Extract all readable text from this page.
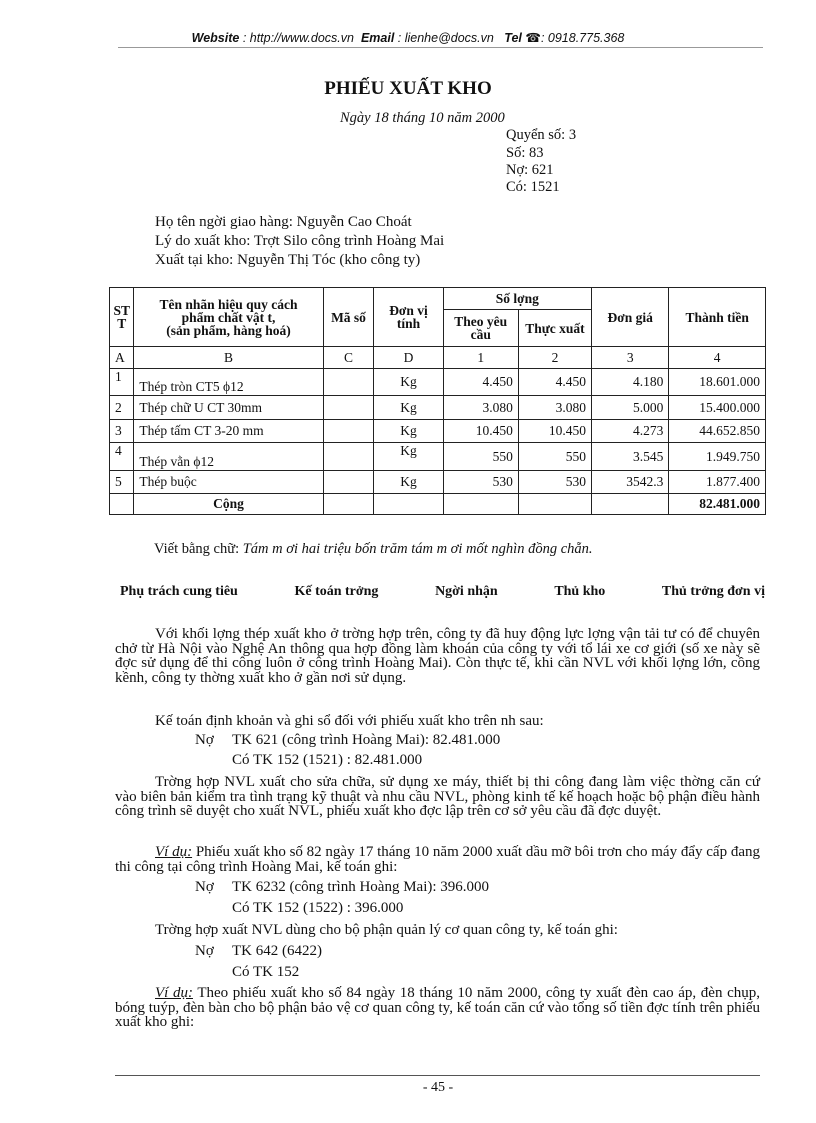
Website : http://www.docs.vn Email : lienhe@docs.vn Tel ☎: 0918.775.368
PHIẾU XUẤT KHO
Ngày 18 tháng 10 năm 2000
Quyển số: 3
Số: 83
Nợ: 621
Có: 1521
Họ tên ngời giao hàng: Nguyễn Cao Choát
Lý do xuất kho: Trợt Silo công trình Hoàng Mai
Xuất tại kho: Nguyễn Thị Tóc (kho công ty)
STT	Tên nhãn hiệu quy cách
phẩm chất vật t,
(sản phẩm, hàng hoá)	Mã số	Đơn vị tính	Số lợng		Đơn giá	Thành tiền
				Theo yêu cầu	Thực xuất		
A	B	C	D	1	2	3	4
1	Thép tròn CT5 ϕ12		Kg	4.450	4.450	4.180	18.601.000
2	Thép chữ U CT 30mm		Kg	3.080	3.080	5.000	15.400.000
3	Thép tấm CT 3-20 mm		Kg	10.450	10.450	4.273	44.652.850
4	Thép vằn ϕ12		Kg	550	550	3.545	1.949.750
5	Thép buộc		Kg	530	530	3542.3	1.877.400
	Cộng						82.481.000
Viết bằng chữ: Tám m ơi hai triệu bốn trăm tám m ơi mốt nghìn đồng chẵn.
Phụ trách cung tiêu	Kế toán trởng	Ngời nhận	Thủ kho	Thủ trởng đơn vị
Với khối lợng thép xuất kho ở trờng hợp trên, công ty đã huy động lực lợng vận tải tư có để chuyên chở từ Hà Nội vào Nghệ An thông qua hợp đồng làm khoán của công ty với tổ lái xe cơ giới (số xe này sẽ đợc sử dụng để thi công luôn ở công trình Hoàng Mai). Còn thực tế, khi cần NVL với khối lợng lớn, cồng kềnh, công ty thờng xuất kho ở gần nơi sử dụng.
Kế toán định khoản và ghi sổ đối với phiếu xuất kho trên nh sau:
Nợ TK 621 (công trình Hoàng Mai): 82.481.000
Có TK 152 (1521) : 82.481.000
Trờng hợp NVL xuất cho sửa chữa, sử dụng xe máy, thiết bị thi công đang làm việc thờng căn cứ vào biên bản kiểm tra tình trạng kỹ thuật và nhu cầu NVL, phòng kinh tế kế hoạch hoặc bộ phận điều hành công trình sẽ duyệt cho xuất NVL, phiếu xuất kho đợc lập trên cơ sở yêu cầu đã đợc duyệt.
Ví dụ: Phiếu xuất kho số 82 ngày 17 tháng 10 năm 2000 xuất dầu mỡ bôi trơn cho máy đẩy cấp đang thi công tại công trình Hoàng Mai, kế toán ghi:
Nợ TK 6232 (công trình Hoàng Mai): 396.000
Có TK 152 (1522) : 396.000
Trờng hợp xuất NVL dùng cho bộ phận quản lý cơ quan công ty, kế toán ghi:
Nợ TK 642 (6422)
Có TK 152
Ví dụ: Theo phiếu xuất kho số 84 ngày 18 tháng 10 năm 2000, công ty xuất đèn cao áp, đèn chụp, bóng tuýp, đèn bàn cho bộ phận bảo vệ cơ quan công ty, kế toán căn cứ vào tổng số tiền đợc tính trên phiếu xuất kho ghi:
- 45 -
